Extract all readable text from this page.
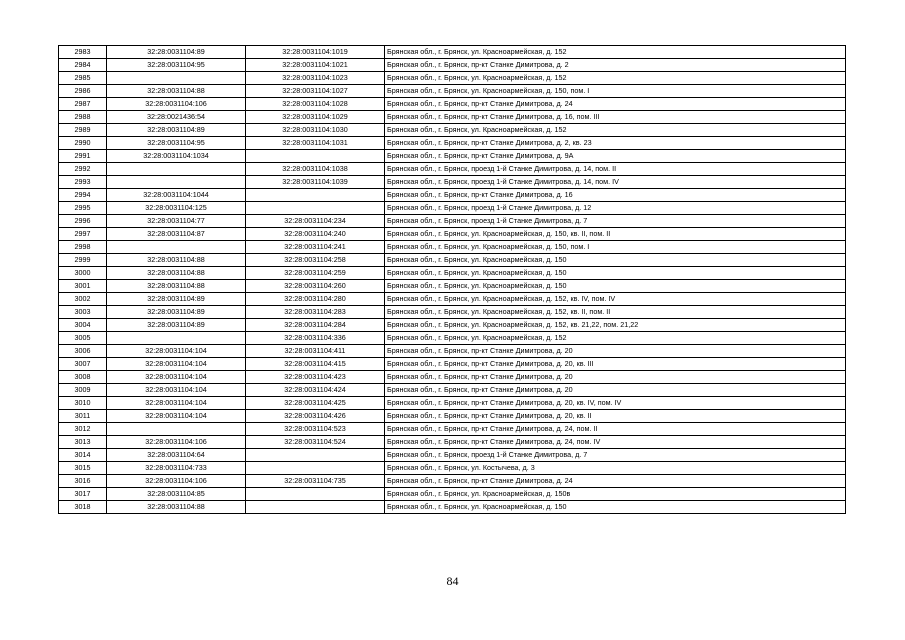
2983	32:28:0031104:89	32:28:0031104:1019	Брянская обл., г. Брянск, ул. Красноармейская, д. 152
2984	32:28:0031104:95	32:28:0031104:1021	Брянская обл., г. Брянск, пр-кт Станке Димитрова, д. 2
2985		32:28:0031104:1023	Брянская обл., г. Брянск, ул. Красноармейская, д. 152
2986	32:28:0031104:88	32:28:0031104:1027	Брянская обл., г. Брянск, ул. Красноармейская, д. 150, пом. I
2987	32:28:0031104:106	32:28:0031104:1028	Брянская обл., г. Брянск, пр-кт Станке Димитрова, д. 24
2988	32:28:0021436:54	32:28:0031104:1029	Брянская обл., г. Брянск, пр-кт Станке Димитрова, д. 16, пом. III
2989	32:28:0031104:89	32:28:0031104:1030	Брянская обл., г. Брянск, ул. Красноармейская, д. 152
2990	32:28:0031104:95	32:28:0031104:1031	Брянская обл., г. Брянск, пр-кт Станке Димитрова, д. 2, кв. 23
2991	32:28:0031104:1034		Брянская обл., г. Брянск, пр-кт Станке Димитрова, д. 9А
2992		32:28:0031104:1038	Брянская обл., г. Брянск, проезд 1-й Станке Димитрова, д. 14, пом. II
2993		32:28:0031104:1039	Брянская обл., г. Брянск, проезд 1-й Станке Димитрова, д. 14, пом. IV
2994	32:28:0031104:1044		Брянская обл., г. Брянск, пр-кт Станке Димитрова, д. 16
2995	32:28:0031104:125		Брянская обл., г. Брянск, проезд 1-й Станке Димитрова, д. 12
2996	32:28:0031104:77	32:28:0031104:234	Брянская обл., г. Брянск, проезд 1-й Станке Димитрова, д. 7
2997	32:28:0031104:87	32:28:0031104:240	Брянская обл., г. Брянск, ул. Красноармейская, д. 150, кв. II, пом. II
2998		32:28:0031104:241	Брянская обл., г. Брянск, ул. Красноармейская, д. 150, пом. I
2999	32:28:0031104:88	32:28:0031104:258	Брянская обл., г. Брянск, ул. Красноармейская, д. 150
3000	32:28:0031104:88	32:28:0031104:259	Брянская обл., г. Брянск, ул. Красноармейская, д. 150
3001	32:28:0031104:88	32:28:0031104:260	Брянская обл., г. Брянск, ул. Красноармейская, д. 150
3002	32:28:0031104:89	32:28:0031104:280	Брянская обл., г. Брянск, ул. Красноармейская, д. 152, кв. IV, пом. IV
3003	32:28:0031104:89	32:28:0031104:283	Брянская обл., г. Брянск, ул. Красноармейская, д. 152, кв. II, пом. II
3004	32:28:0031104:89	32:28:0031104:284	Брянская обл., г. Брянск, ул. Красноармейская, д. 152, кв. 21,22, пом. 21,22
3005		32:28:0031104:336	Брянская обл., г. Брянск, ул. Красноармейская, д. 152
3006	32:28:0031104:104	32:28:0031104:411	Брянская обл., г. Брянск, пр-кт Станке Димитрова, д. 20
3007	32:28:0031104:104	32:28:0031104:415	Брянская обл., г. Брянск, пр-кт Станке Димитрова, д. 20, кв. III
3008	32:28:0031104:104	32:28:0031104:423	Брянская обл., г. Брянск, пр-кт Станке Димитрова, д. 20
3009	32:28:0031104:104	32:28:0031104:424	Брянская обл., г. Брянск, пр-кт Станке Димитрова, д. 20
3010	32:28:0031104:104	32:28:0031104:425	Брянская обл., г. Брянск, пр-кт Станке Димитрова, д. 20, кв. IV, пом. IV
3011	32:28:0031104:104	32:28:0031104:426	Брянская обл., г. Брянск, пр-кт Станке Димитрова, д. 20, кв. II
3012		32:28:0031104:523	Брянская обл., г. Брянск, пр-кт Станке Димитрова, д. 24, пом. II
3013	32:28:0031104:106	32:28:0031104:524	Брянская обл., г. Брянск, пр-кт Станке Димитрова, д. 24, пом. IV
3014	32:28:0031104:64		Брянская обл., г. Брянск, проезд 1-й Станке Димитрова, д. 7
3015	32:28:0031104:733		Брянская обл., г. Брянск, ул. Костычева, д. 3
3016	32:28:0031104:106	32:28:0031104:735	Брянская обл., г. Брянск, пр-кт Станке Димитрова, д. 24
3017	32:28:0031104:85		Брянская обл., г. Брянск, ул. Красноармейская, д. 150в
3018	32:28:0031104:88		Брянская обл., г. Брянск, ул. Красноармейская, д. 150
84
